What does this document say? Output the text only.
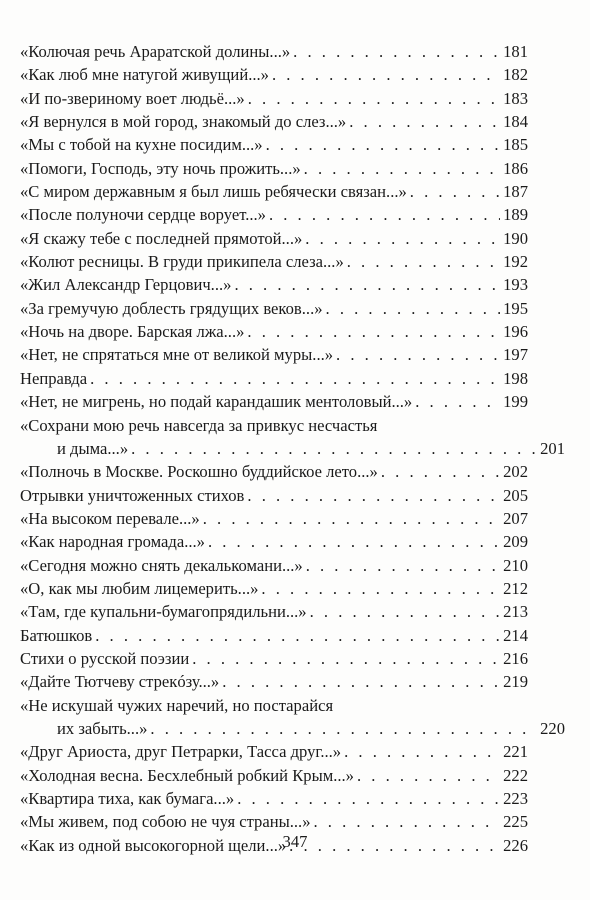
«Колючая речь Араратской долины...» . . .	181
«Как люб мне натугой живущий...» . . .	182
«И по-звериному воет людьё...» . . .	183
«Я вернулся в мой город, знакомый до слез...» . . .	184
«Мы с тобой на кухне посидим...» . . .	185
«Помоги, Господь, эту ночь прожить...» . . .	186
«С миром державным я был лишь ребячески связан...» . . .	187
«После полуночи сердце ворует...» . . .	189
«Я скажу тебе с последней прямотой...» . . .	190
«Колют ресницы. В груди прикипела слеза...» . . .	192
«Жил Александр Герцович...» . . .	193
«За гремучую доблесть грядущих веков...» . . .	195
«Ночь на дворе. Барская лжа...» . . .	196
«Нет, не спрятаться мне от великой муры...» . . .	197
Неправда . . .	198
«Нет, не мигрень, но подай карандашик ментоловый...» . . .	199
«Сохрани мою речь навсегда за привкус несчастья
и дыма...» . . .	201
«Полночь в Москве. Роскошно буддийское лето...» . . .	202
Отрывки уничтоженных стихов . . .	205
«На высоком перевале...» . . .	207
«Как народная громада...» . . .	209
«Сегодня можно снять декалькомани...» . . .	210
«О, как мы любим лицемерить...» . . .	212
«Там, где купальни-бумагопрядильни...» . . .	213
Батюшков . . .	214
Стихи о русской поэзии . . .	216
«Дайте Тютчеву стрекóзу...» . . .	219
«Не искушай чужих наречий, но постарайся
их забыть...» . . .	220
«Друг Ариоста, друг Петрарки, Тасса друг...» . . .	221
«Холодная весна. Бесхлебный робкий Крым...» . . .	222
«Квартира тиха, как бумага...» . . .	223
«Мы живем, под собою не чуя страны...» . . .	225
«Как из одной высокогорной щели...» . . .	226
347
